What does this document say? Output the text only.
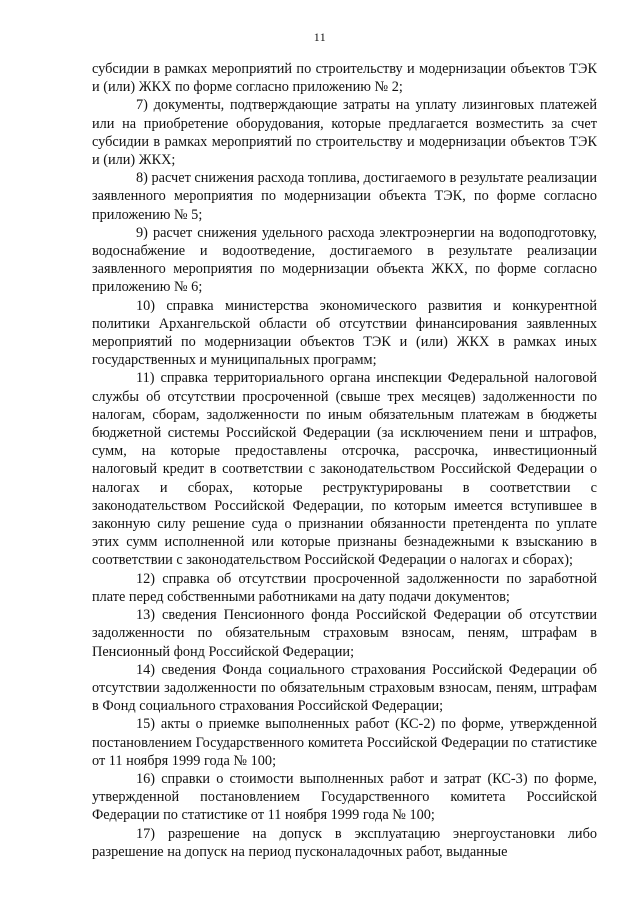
11

субсидии в рамках мероприятий по строительству и модернизации объектов ТЭК и (или) ЖКХ по форме согласно приложению № 2;

7) документы, подтверждающие затраты на уплату лизинговых платежей или на приобретение оборудования, которые предлагается возместить за счет субсидии в рамках мероприятий по строительству и модернизации объектов ТЭК и (или) ЖКХ;

8) расчет снижения расхода топлива, достигаемого в результате реализации заявленного мероприятия по модернизации объекта ТЭК, по форме согласно приложению № 5;

9) расчет снижения удельного расхода электроэнергии на водоподготовку, водоснабжение и водоотведение, достигаемого в результате реализации заявленного мероприятия по модернизации объекта ЖКХ, по форме согласно приложению № 6;

10) справка министерства экономического развития и конкурентной политики Архангельской области об отсутствии финансирования заявленных мероприятий по модернизации объектов ТЭК и (или) ЖКХ в рамках иных государственных и муниципальных программ;

11) справка территориального органа инспекции Федеральной налоговой службы об отсутствии просроченной (свыше трех месяцев) задолженности по налогам, сборам, задолженности по иным обязательным платежам в бюджеты бюджетной системы Российской Федерации (за исключением пени и штрафов, сумм, на которые предоставлены отсрочка, рассрочка, инвестиционный налоговый кредит в соответствии с законодательством Российской Федерации о налогах и сборах, которые реструктурированы в соответствии с законодательством Российской Федерации, по которым имеется вступившее в законную силу решение суда о признании обязанности претендента по уплате этих сумм исполненной или которые признаны безнадежными к взысканию в соответствии с законодательством Российской Федерации о налогах и сборах);

12) справка об отсутствии просроченной задолженности по заработной плате перед собственными работниками на дату подачи документов;

13) сведения Пенсионного фонда Российской Федерации об отсутствии задолженности по обязательным страховым взносам, пеням, штрафам в Пенсионный фонд Российской Федерации;

14) сведения Фонда социального страхования Российской Федерации об отсутствии задолженности по обязательным страховым взносам, пеням, штрафам в Фонд социального страхования Российской Федерации;

15) акты о приемке выполненных работ (КС-2) по форме, утвержденной постановлением Государственного комитета Российской Федерации по статистике от 11 ноября 1999 года № 100;

16) справки о стоимости выполненных работ и затрат (КС-3) по форме, утвержденной постановлением Государственного комитета Российской Федерации по статистике от 11 ноября 1999 года № 100;

17) разрешение на допуск в эксплуатацию энергоустановки либо разрешение на допуск на период пусконаладочных работ, выданные
